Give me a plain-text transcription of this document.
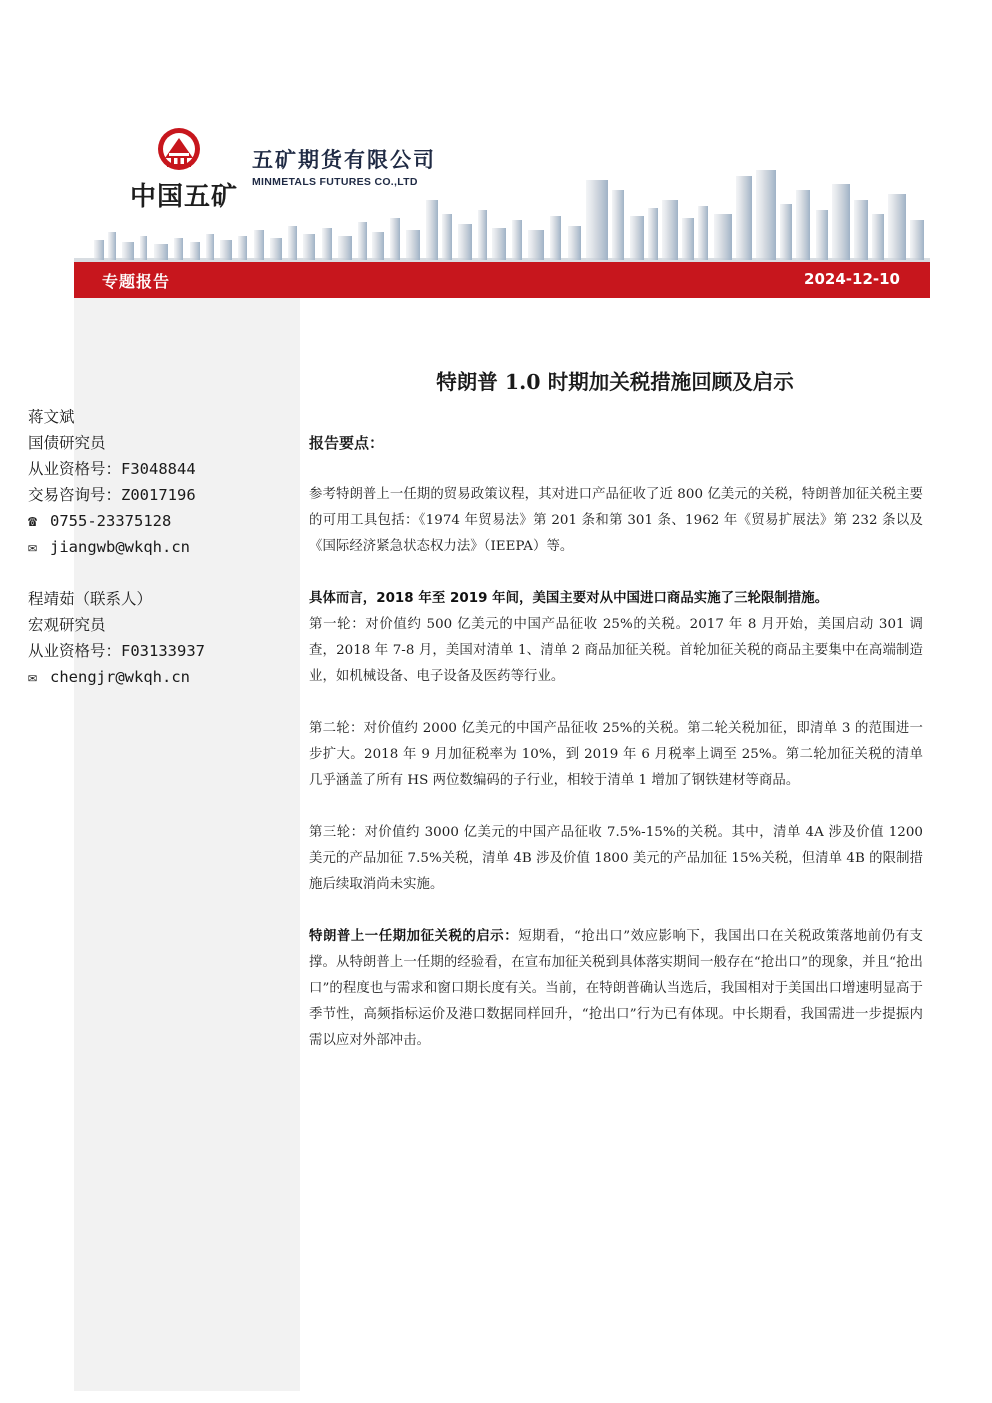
中国五矿
五矿期货有限公司
MINMETALS FUTURES CO.,LTD
专题报告	2024-12-10
蒋文斌
国债研究员
从业资格号：F3048844
交易咨询号：Z0017196
☎ 0755-23375128
✉ jiangwb@wkqh.cn
程靖茹（联系人）
宏观研究员
从业资格号：F03133937
✉ chengjr@wkqh.cn
特朗普 1.0 时期加关税措施回顾及启示
报告要点：
参考特朗普上一任期的贸易政策议程，其对进口产品征收了近 800 亿美元的关税，特朗普加征关税主要的可用工具包括：《1974 年贸易法》第 201 条和第 301 条、1962 年《贸易扩展法》第 232 条以及《国际经济紧急状态权力法》（IEEPA）等。
具体而言，2018 年至 2019 年间，美国主要对从中国进口商品实施了三轮限制措施。
第一轮：对价值约 500 亿美元的中国产品征收 25%的关税。2017 年 8 月开始，美国启动 301 调查，2018 年 7-8 月，美国对清单 1、清单 2 商品加征关税。首轮加征关税的商品主要集中在高端制造业，如机械设备、电子设备及医药等行业。
第二轮：对价值约 2000 亿美元的中国产品征收 25%的关税。第二轮关税加征，即清单 3 的范围进一步扩大。2018 年 9 月加征税率为 10%，到 2019 年 6 月税率上调至 25%。第二轮加征关税的清单几乎涵盖了所有 HS 两位数编码的子行业，相较于清单 1 增加了钢铁建材等商品。
第三轮：对价值约 3000 亿美元的中国产品征收 7.5%-15%的关税。其中，清单 4A 涉及价值 1200 美元的产品加征 7.5%关税，清单 4B 涉及价值 1800 美元的产品加征 15%关税，但清单 4B 的限制措施后续取消尚未实施。
特朗普上一任期加征关税的启示：短期看，“抢出口”效应影响下，我国出口在关税政策落地前仍有支撑。从特朗普上一任期的经验看，在宣布加征关税到具体落实期间一般存在“抢出口”的现象，并且“抢出口”的程度也与需求和窗口期长度有关。当前，在特朗普确认当选后，我国相对于美国出口增速明显高于季节性，高频指标运价及港口数据同样回升，“抢出口”行为已有体现。中长期看，我国需进一步提振内需以应对外部冲击。
